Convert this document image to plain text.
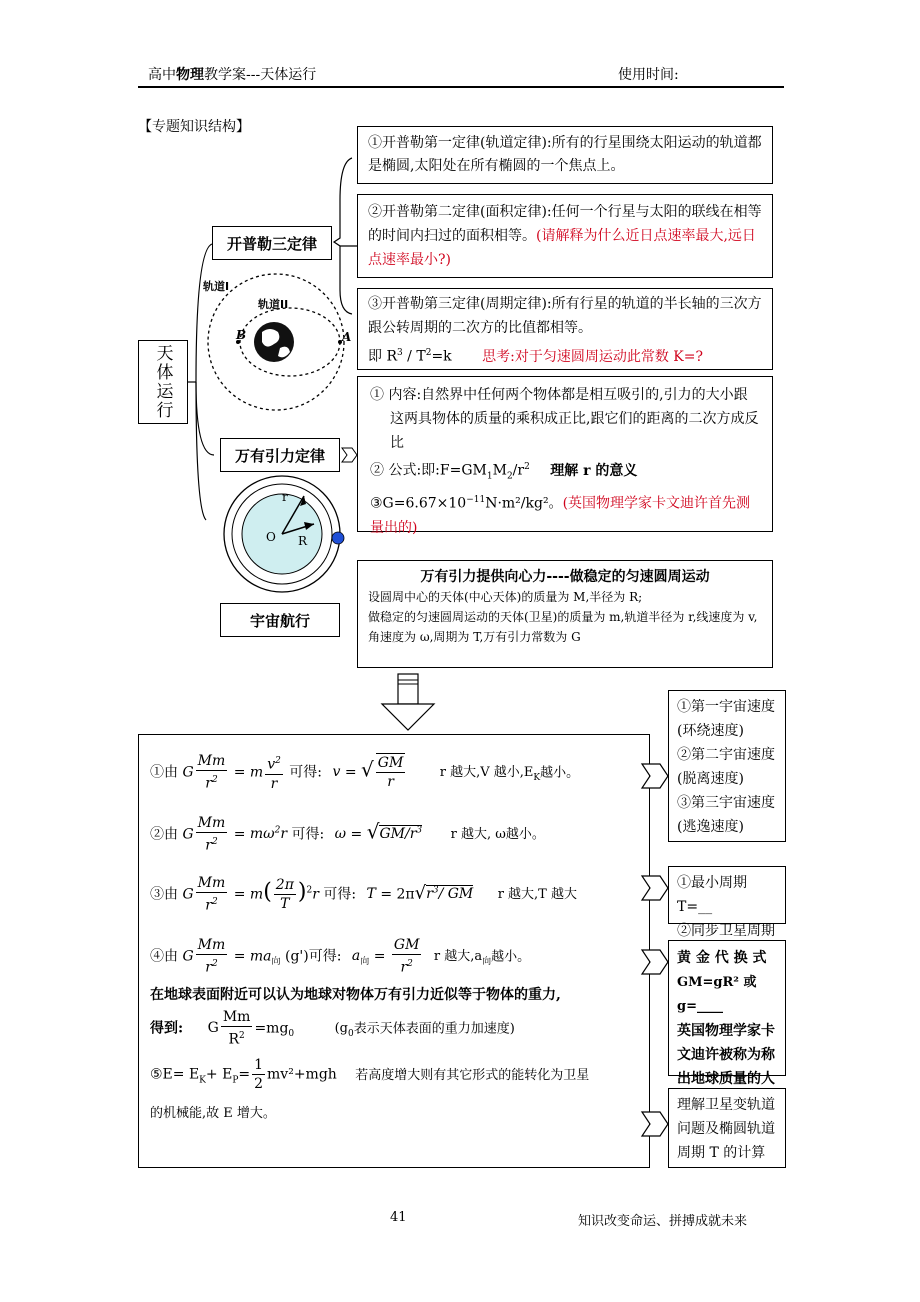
高中物理教学案---天体运行	使用时间:
【专题知识结构】
天体运行
开普勒三定律

①开普勒第一定律(轨道定律):所有的行星围绕太阳运动的轨道都是椭圆,太阳处在所有椭圆的一个焦点上。

②开普勒第二定律(面积定律):任何一个行星与太阳的联线在相等的时间内扫过的面积相等。(请解释为什么近日点速率最大,远日点速率最小?)

③开普勒第三定律(周期定律):所有行星的轨道的半长轴的三次方跟公转周期的二次方的比值都相等。

即 $R^3 / T^2=k$ 思考:对于匀速圆周运动此常数 K=?

轨道I
轨道II
B	A
万有引力定律

① 内容:自然界中任何两个物体都是相互吸引的,引力的大小跟这两具物体的质量的乘积成正比,跟它们的距离的二次方成反比

② 公式:即$:F=GM_1M_2/r^2$ 理解 r 的意义

$③G=6.67\times 10^{-11}N\cdot m^2$/kg²。(英国物理学家卡文迪许首先测量出的)

O
r
R
宇宙航行
万有引力提供向心力----做稳定的匀速圆周运动

设圆周中心的天体(中心天体)的质量为 M,半径为 R;

做稳定的匀速圆周运动的天体(卫星)的质量为 m,轨道半径为 r,线速度为 v,角速度为 ω,周期为 T,万有引力常数为 G

①由 G $\frac{Mm}{r^2} = m \frac{v^2}{r}$ 可得: v = √ $\frac{GM}{r}$	r 越大,V 越小$,E_K$越小。
②由 G $\frac{Mm}{r^2} = m\omega^2r$ 可得: $\omega = √GM/r^3$ r 越大, ω越小。
③由 G $\frac{Mm}{r^2} = m( \frac{2\pi}{T} )^2r$ 可得: $T = 2\pi√r^3/$ GM r 越大,T 越大
④由 G $\frac{Mm}{r^2} = ma_向$ (g')可得: $a_向 = \frac{GM}{r^2}$ r 越大$,a_向$越小。
在地球表面附近可以认为地球对物体万有引力近似等于物体的重力,
得到: G $\frac{Mm}{R^2} =mg_0$	($g_0$表示天体表面的重力加速度)
⑤E= $E_K+ E_P= \frac{1}{2} mv^2+mgh$ 若高度增大则有其它形式的能转化为卫星
的机械能,故 E 增大。
①第一宇宙速度
(环绕速度)
②第二宇宙速度
(脱离速度)
③第三宇宙速度
(逃逸速度)
①最小周期 T=__
②同步卫星周期
黄 金 代 换 式
GM=gR² 或 g=____
英国物理学家卡文迪许被称为称出地球质量的人
理解卫星变轨道问题及椭圆轨道周期 T 的计算
41	知识改变命运、拼搏成就未来
